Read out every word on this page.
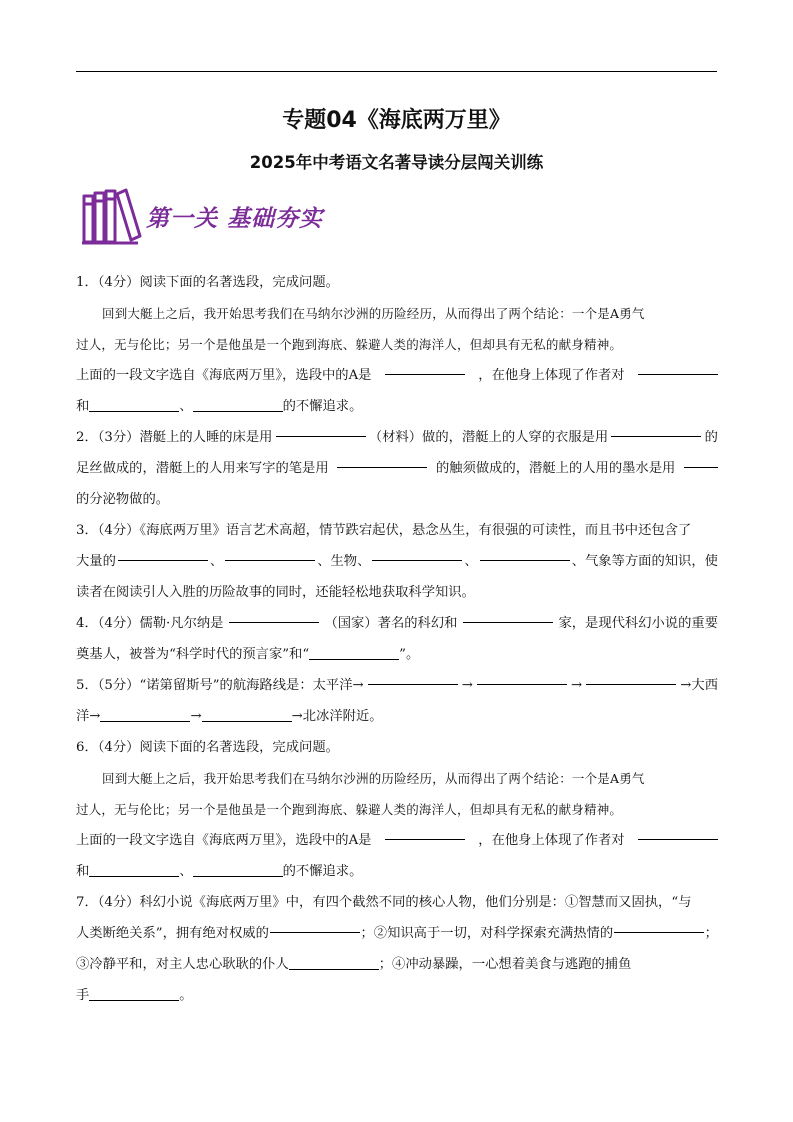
专题04《海底两万里》
2025年中考语文名著导读分层闯关训练
第一关 基础夯实
1．（4分）阅读下面的名著选段，完成问题。
回到大艇上之后，我开始思考我们在马纳尔沙洲的历险经历，从而得出了两个结论：一个是A勇气
过人，无与伦比；另一个是他虽是一个跑到海底、躲避人类的海洋人，但却具有无私的献身精神。
上面的一段文字选自《海底两万里》，选段中的A是	，在他身上体现了作者对
和	、	的不懈追求。
2．（3分）潜艇上的人睡的床是用	（材料）做的，潜艇上的人穿的衣服是用	的
足丝做成的，潜艇上的人用来写字的笔是用	的触须做成的，潜艇上的人用的墨水是用
的分泌物做的。
3．（4分）《海底两万里》语言艺术高超，情节跌宕起伏，悬念丛生，有很强的可读性，而且书中还包含了
大量的	、	、生物、	、	、气象等方面的知识，使
读者在阅读引人入胜的历险故事的同时，还能轻松地获取科学知识。
4．（4分）儒勒·凡尔纳是	（国家）著名的科幻和	家，是现代科幻小说的重要
奠基人，被誉为“科学时代的预言家”和“	”。
5．（5分）“诺第留斯号”的航海路线是：太平洋→	→	→	→大西
洋→	→	→北冰洋附近。
6．（4分）阅读下面的名著选段，完成问题。
回到大艇上之后，我开始思考我们在马纳尔沙洲的历险经历，从而得出了两个结论：一个是A勇气
过人，无与伦比；另一个是他虽是一个跑到海底、躲避人类的海洋人，但却具有无私的献身精神。
上面的一段文字选自《海底两万里》，选段中的A是	，在他身上体现了作者对
和	、	的不懈追求。
7．（4分）科幻小说《海底两万里》中，有四个截然不同的核心人物，他们分别是：①智慧而又固执，“与
人类断绝关系”，拥有绝对权威的	；②知识高于一切，对科学探索充满热情的	；
③冷静平和，对主人忠心耿耿的仆人	；④冲动暴躁，一心想着美食与逃跑的捕鱼
手	。
